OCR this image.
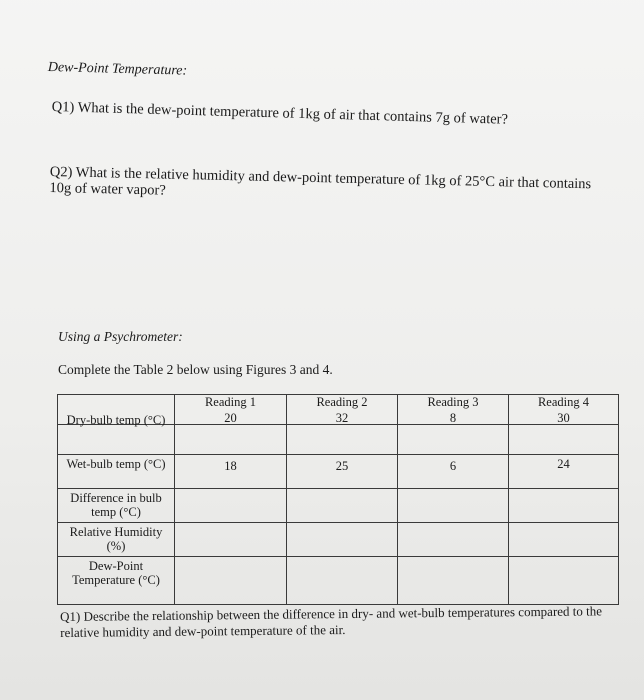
Dew-Point Temperature:

Q1) What is the dew-point temperature of 1kg of air that contains 7g of water?

Q2) What is the relative humidity and dew-point temperature of 1kg of 25°C air that contains 10g of water vapor?

Using a Psychrometer:

Complete the Table 2 below using Figures 3 and 4.

	Reading 1	Reading 2	Reading 3	Reading 4

Dry-bulb temp (°C)	20	32	8	30

Wet-bulb temp (°C)	18	25	6	24

Difference in bulb temp (°C)				
Relative Humidity (%)				
Dew-Point Temperature (°C)				

Q1) Describe the relationship between the difference in dry- and wet-bulb temperatures compared to the relative humidity and dew-point temperature of the air.
